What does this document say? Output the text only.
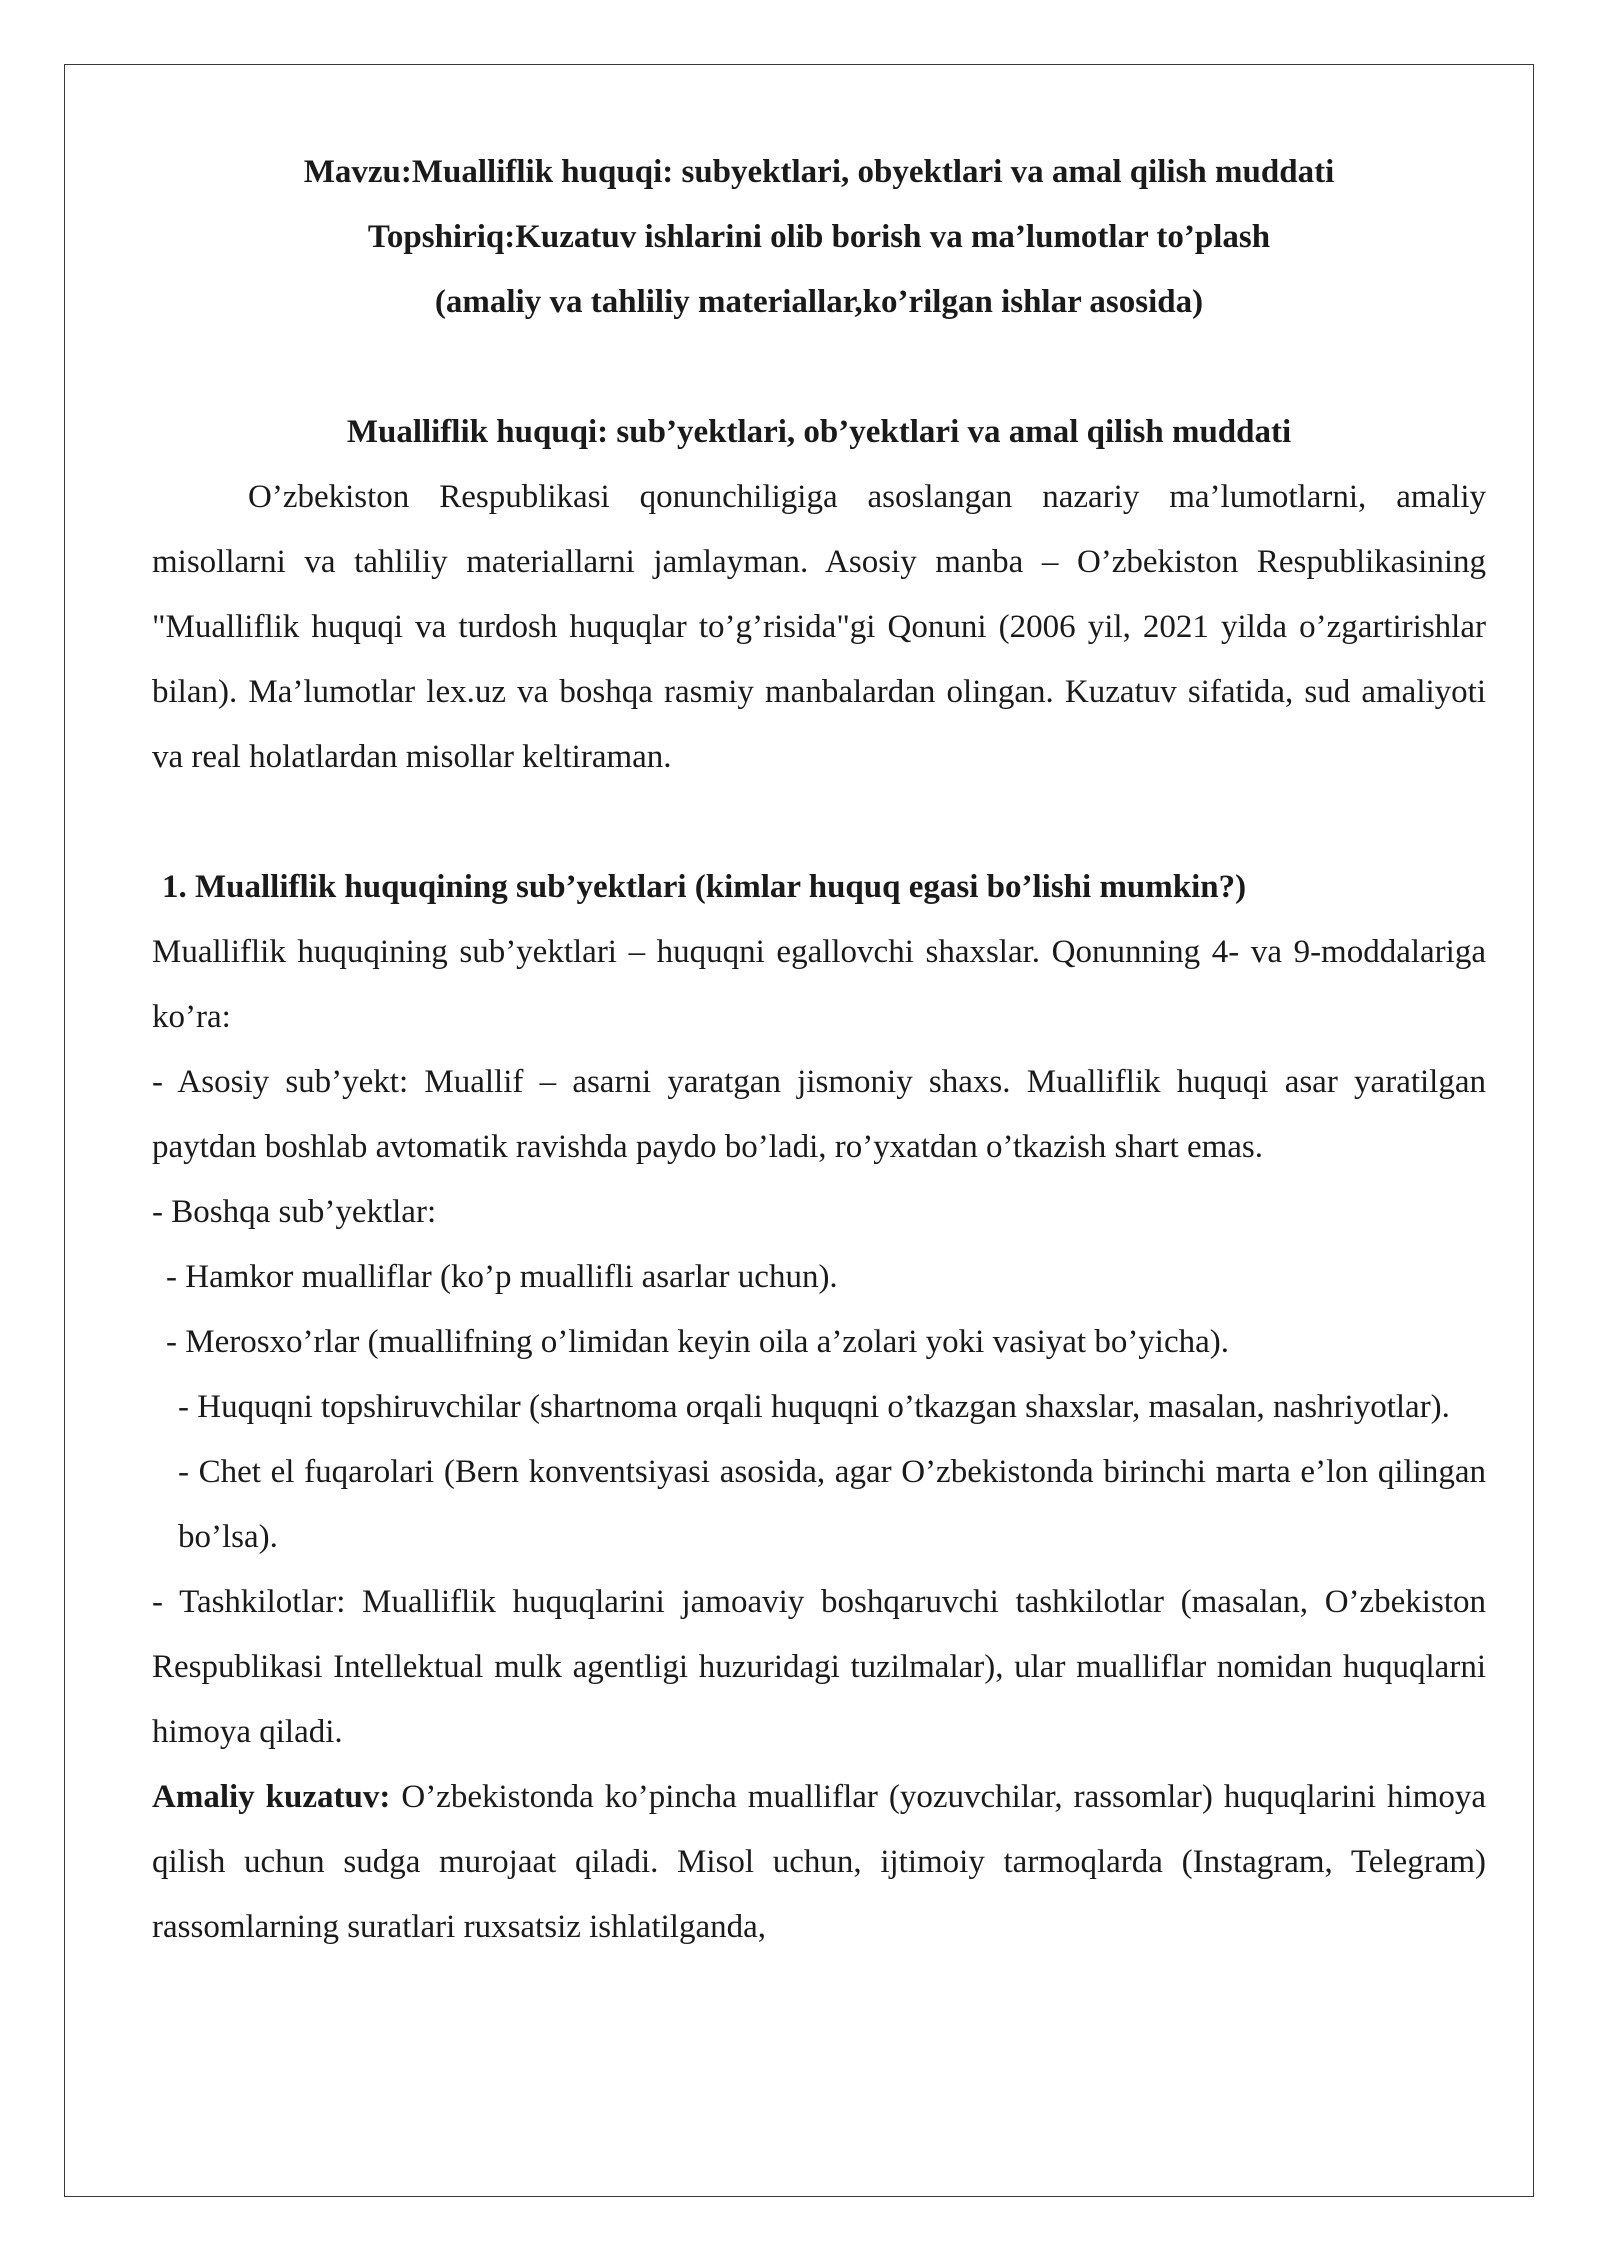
Mavzu:Mualliflik huquqi: subyektlari, obyektlari va amal qilish muddati

Topshiriq:Kuzatuv ishlarini olib borish va ma’lumotlar to’plash

(amaliy va tahliliy materiallar,ko’rilgan ishlar asosida)

Mualliflik huquqi: sub’yektlari, ob’yektlari va amal qilish muddati

O’zbekiston Respublikasi qonunchiligiga asoslangan nazariy ma’lumotlarni, amaliy misollarni va tahliliy materiallarni jamlayman. Asosiy manba – O’zbekiston Respublikasining "Mualliflik huquqi va turdosh huquqlar to’g’risida"gi Qonuni (2006 yil, 2021 yilda o’zgartirishlar bilan). Ma’lumotlar lex.uz va boshqa rasmiy manbalardan olingan. Kuzatuv sifatida, sud amaliyoti va real holatlardan misollar keltiraman.

1. Mualliflik huquqining sub’yektlari (kimlar huquq egasi bo’lishi mumkin?)

Mualliflik huquqining sub’yektlari – huquqni egallovchi shaxslar. Qonunning 4- va 9-moddalariga ko’ra:

- Asosiy sub’yekt: Muallif – asarni yaratgan jismoniy shaxs. Mualliflik huquqi asar yaratilgan paytdan boshlab avtomatik ravishda paydo bo’ladi, ro’yxatdan o’tkazish shart emas.

- Boshqa sub’yektlar:

- Hamkor mualliflar (ko’p muallifli asarlar uchun).

- Merosxo’rlar (muallifning o’limidan keyin oila a’zolari yoki vasiyat bo’yicha).

- Huquqni topshiruvchilar (shartnoma orqali huquqni o’tkazgan shaxslar, masalan, nashriyotlar).

- Chet el fuqarolari (Bern konventsiyasi asosida, agar O’zbekistonda birinchi marta e’lon qilingan bo’lsa).

- Tashkilotlar: Mualliflik huquqlarini jamoaviy boshqaruvchi tashkilotlar (masalan, O’zbekiston Respublikasi Intellektual mulk agentligi huzuridagi tuzilmalar), ular mualliflar nomidan huquqlarni himoya qiladi.

Amaliy kuzatuv: O’zbekistonda ko’pincha mualliflar (yozuvchilar, rassomlar) huquqlarini himoya qilish uchun sudga murojaat qiladi. Misol uchun, ijtimoiy tarmoqlarda (Instagram, Telegram) rassomlarning suratlari ruxsatsiz ishlatilganda,
